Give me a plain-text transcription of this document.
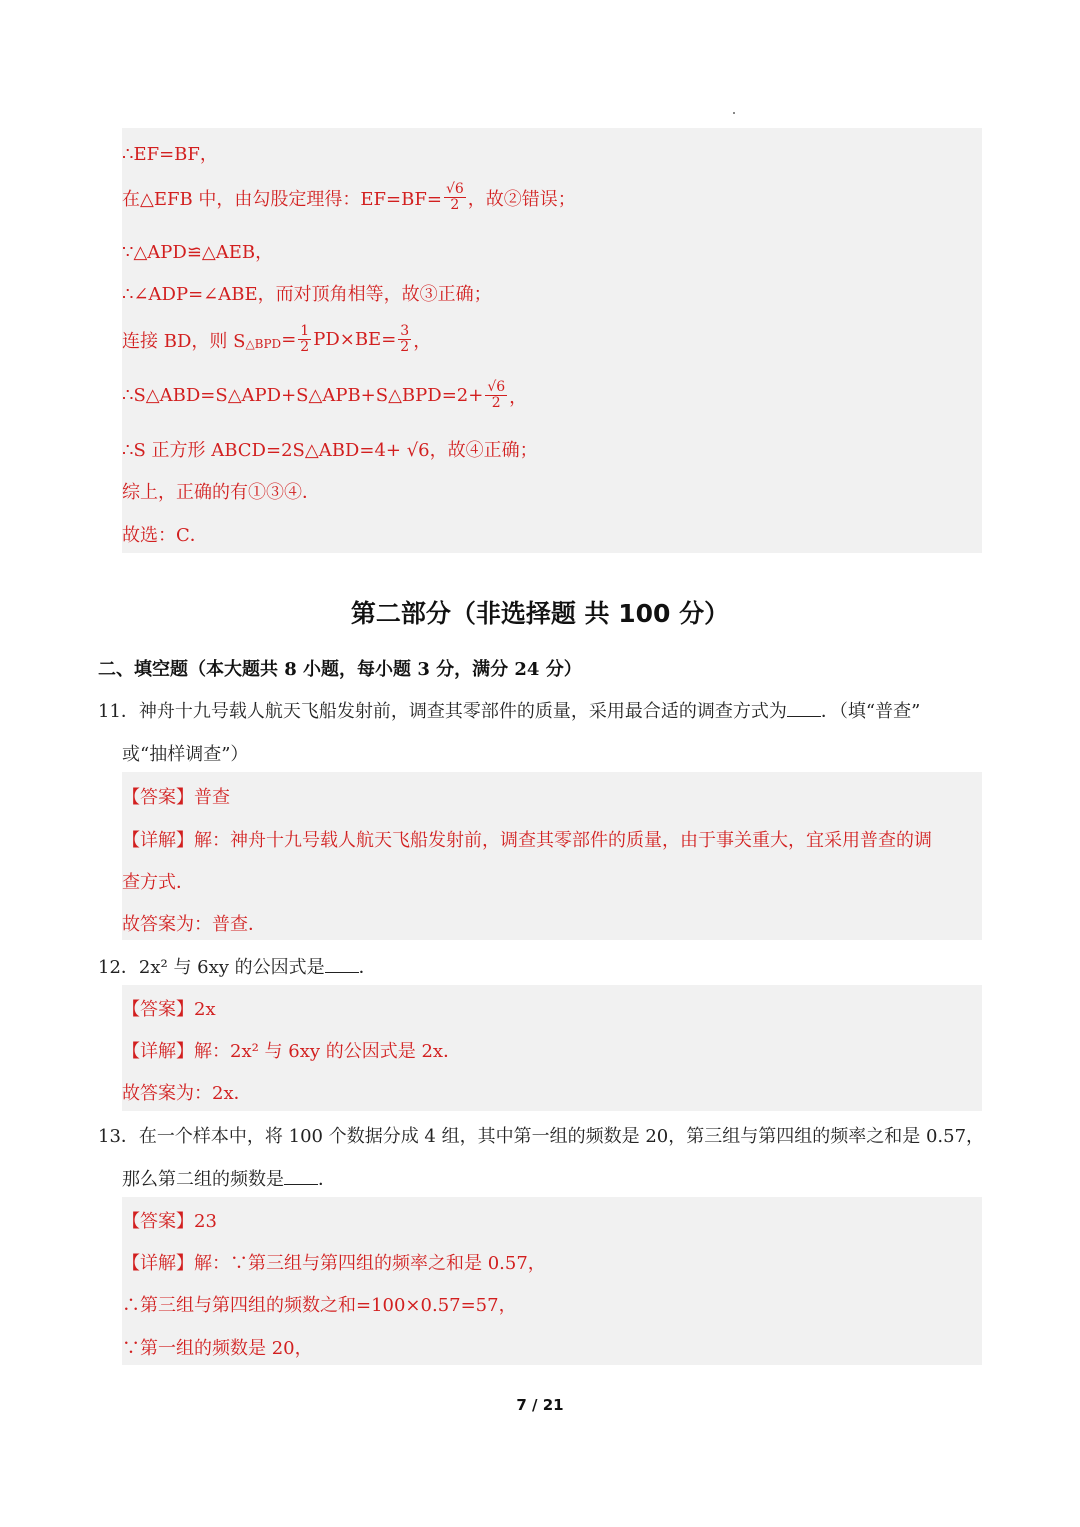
∴EF=BF，
在△EFB 中，由勾股定理得：$EF=BF= \frac{√6}{2}$ ，故②错误；
∵△APD≌△AEB，
∴∠ADP=∠ABE，而对顶角相等，故③正确；
连接 BD，则 S △BPD = $\frac{1}{2} PD\times BE= \frac{3}{2}$ ，
∴S△ABD=S△APD+S△APB+S△BPD=2+ $\frac{√6}{2}$ ，
∴S 正方形 ABCD=2S△ABD=4+ √6，故④正确；
综上，正确的有①③④．
故选：C．
第二部分（非选择题 共 100 分）
二、填空题（本大题共 8 小题，每小题 3 分，满分 24 分）
11．神舟十九号载人航天飞船发射前，调查其零部件的质量，采用最合适的调查方式为 ．（填“普查”
或“抽样调查”）
【答案】普查
【详解】解：神舟十九号载人航天飞船发射前，调查其零部件的质量，由于事关重大，宜采用普查的调
查方式．
故答案为：普查．
12．2x² 与 6xy 的公因式是 ．
【答案】2x
【详解】解：2x² 与 6xy 的公因式是 2x．
故答案为：2x．
13．在一个样本中，将 100 个数据分成 4 组，其中第一组的频数是 20，第三组与第四组的频率之和是 0.57，
那么第二组的频数是 ．
【答案】23
【详解】解：∵第三组与第四组的频率之和是 0.57，
∴第三组与第四组的频数之和=100×0.57=57，
∵第一组的频数是 20，
7 / 21
